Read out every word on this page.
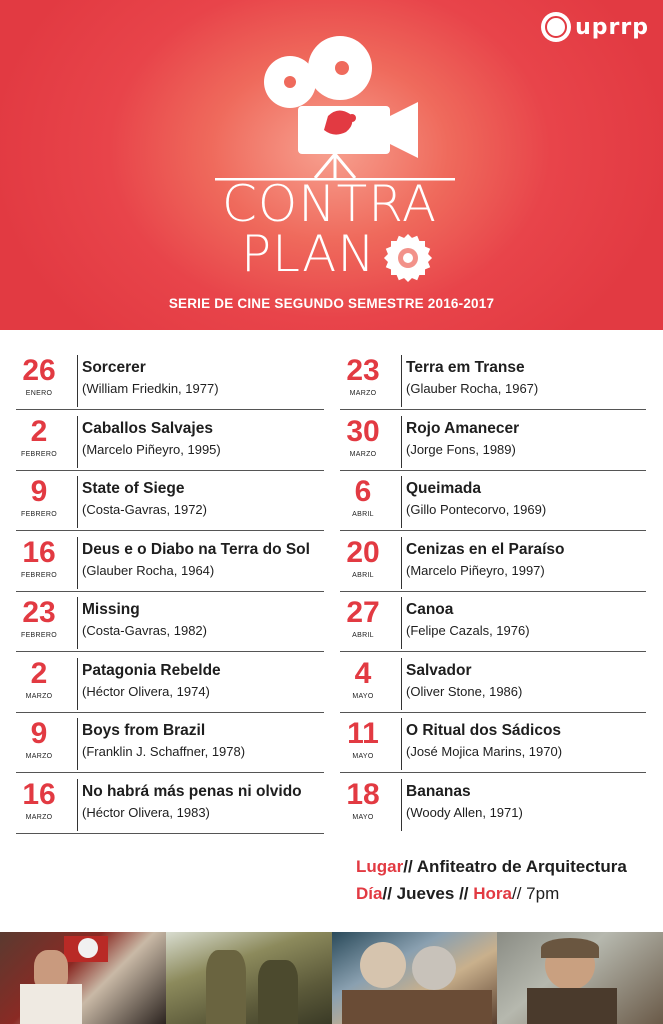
uprrp
CONTRA
PLAN
SERIE DE CINE SEGUNDO SEMESTRE 2016-2017
26
ENERO
Sorcerer
(William Friedkin, 1977)
2
FEBRERO
Caballos Salvajes
(Marcelo Piñeyro, 1995)
9
FEBRERO
State of Siege
(Costa-Gavras, 1972)
16
FEBRERO
Deus e o Diabo na Terra do Sol
(Glauber Rocha, 1964)
23
FEBRERO
Missing
(Costa-Gavras, 1982)
2
MARZO
Patagonia Rebelde
(Héctor Olivera, 1974)
9
MARZO
Boys from Brazil
(Franklin J. Schaffner, 1978)
16
MARZO
No habrá más penas ni olvido
(Héctor Olivera, 1983)
23
MARZO
Terra em Transe
(Glauber Rocha, 1967)
30
MARZO
Rojo Amanecer
(Jorge Fons, 1989)
6
ABRIL
Queimada
(Gillo Pontecorvo, 1969)
20
ABRIL
Cenizas en el Paraíso
(Marcelo Piñeyro, 1997)
27
ABRIL
Canoa
(Felipe Cazals, 1976)
4
MAYO
Salvador
(Oliver Stone, 1986)
11
MAYO
O Ritual dos Sádicos
(José Mojica Marins, 1970)
18
MAYO
Bananas
(Woody Allen, 1971)
Lugar// Anfiteatro de Arquitectura
Día// Jueves // Hora// 7pm
